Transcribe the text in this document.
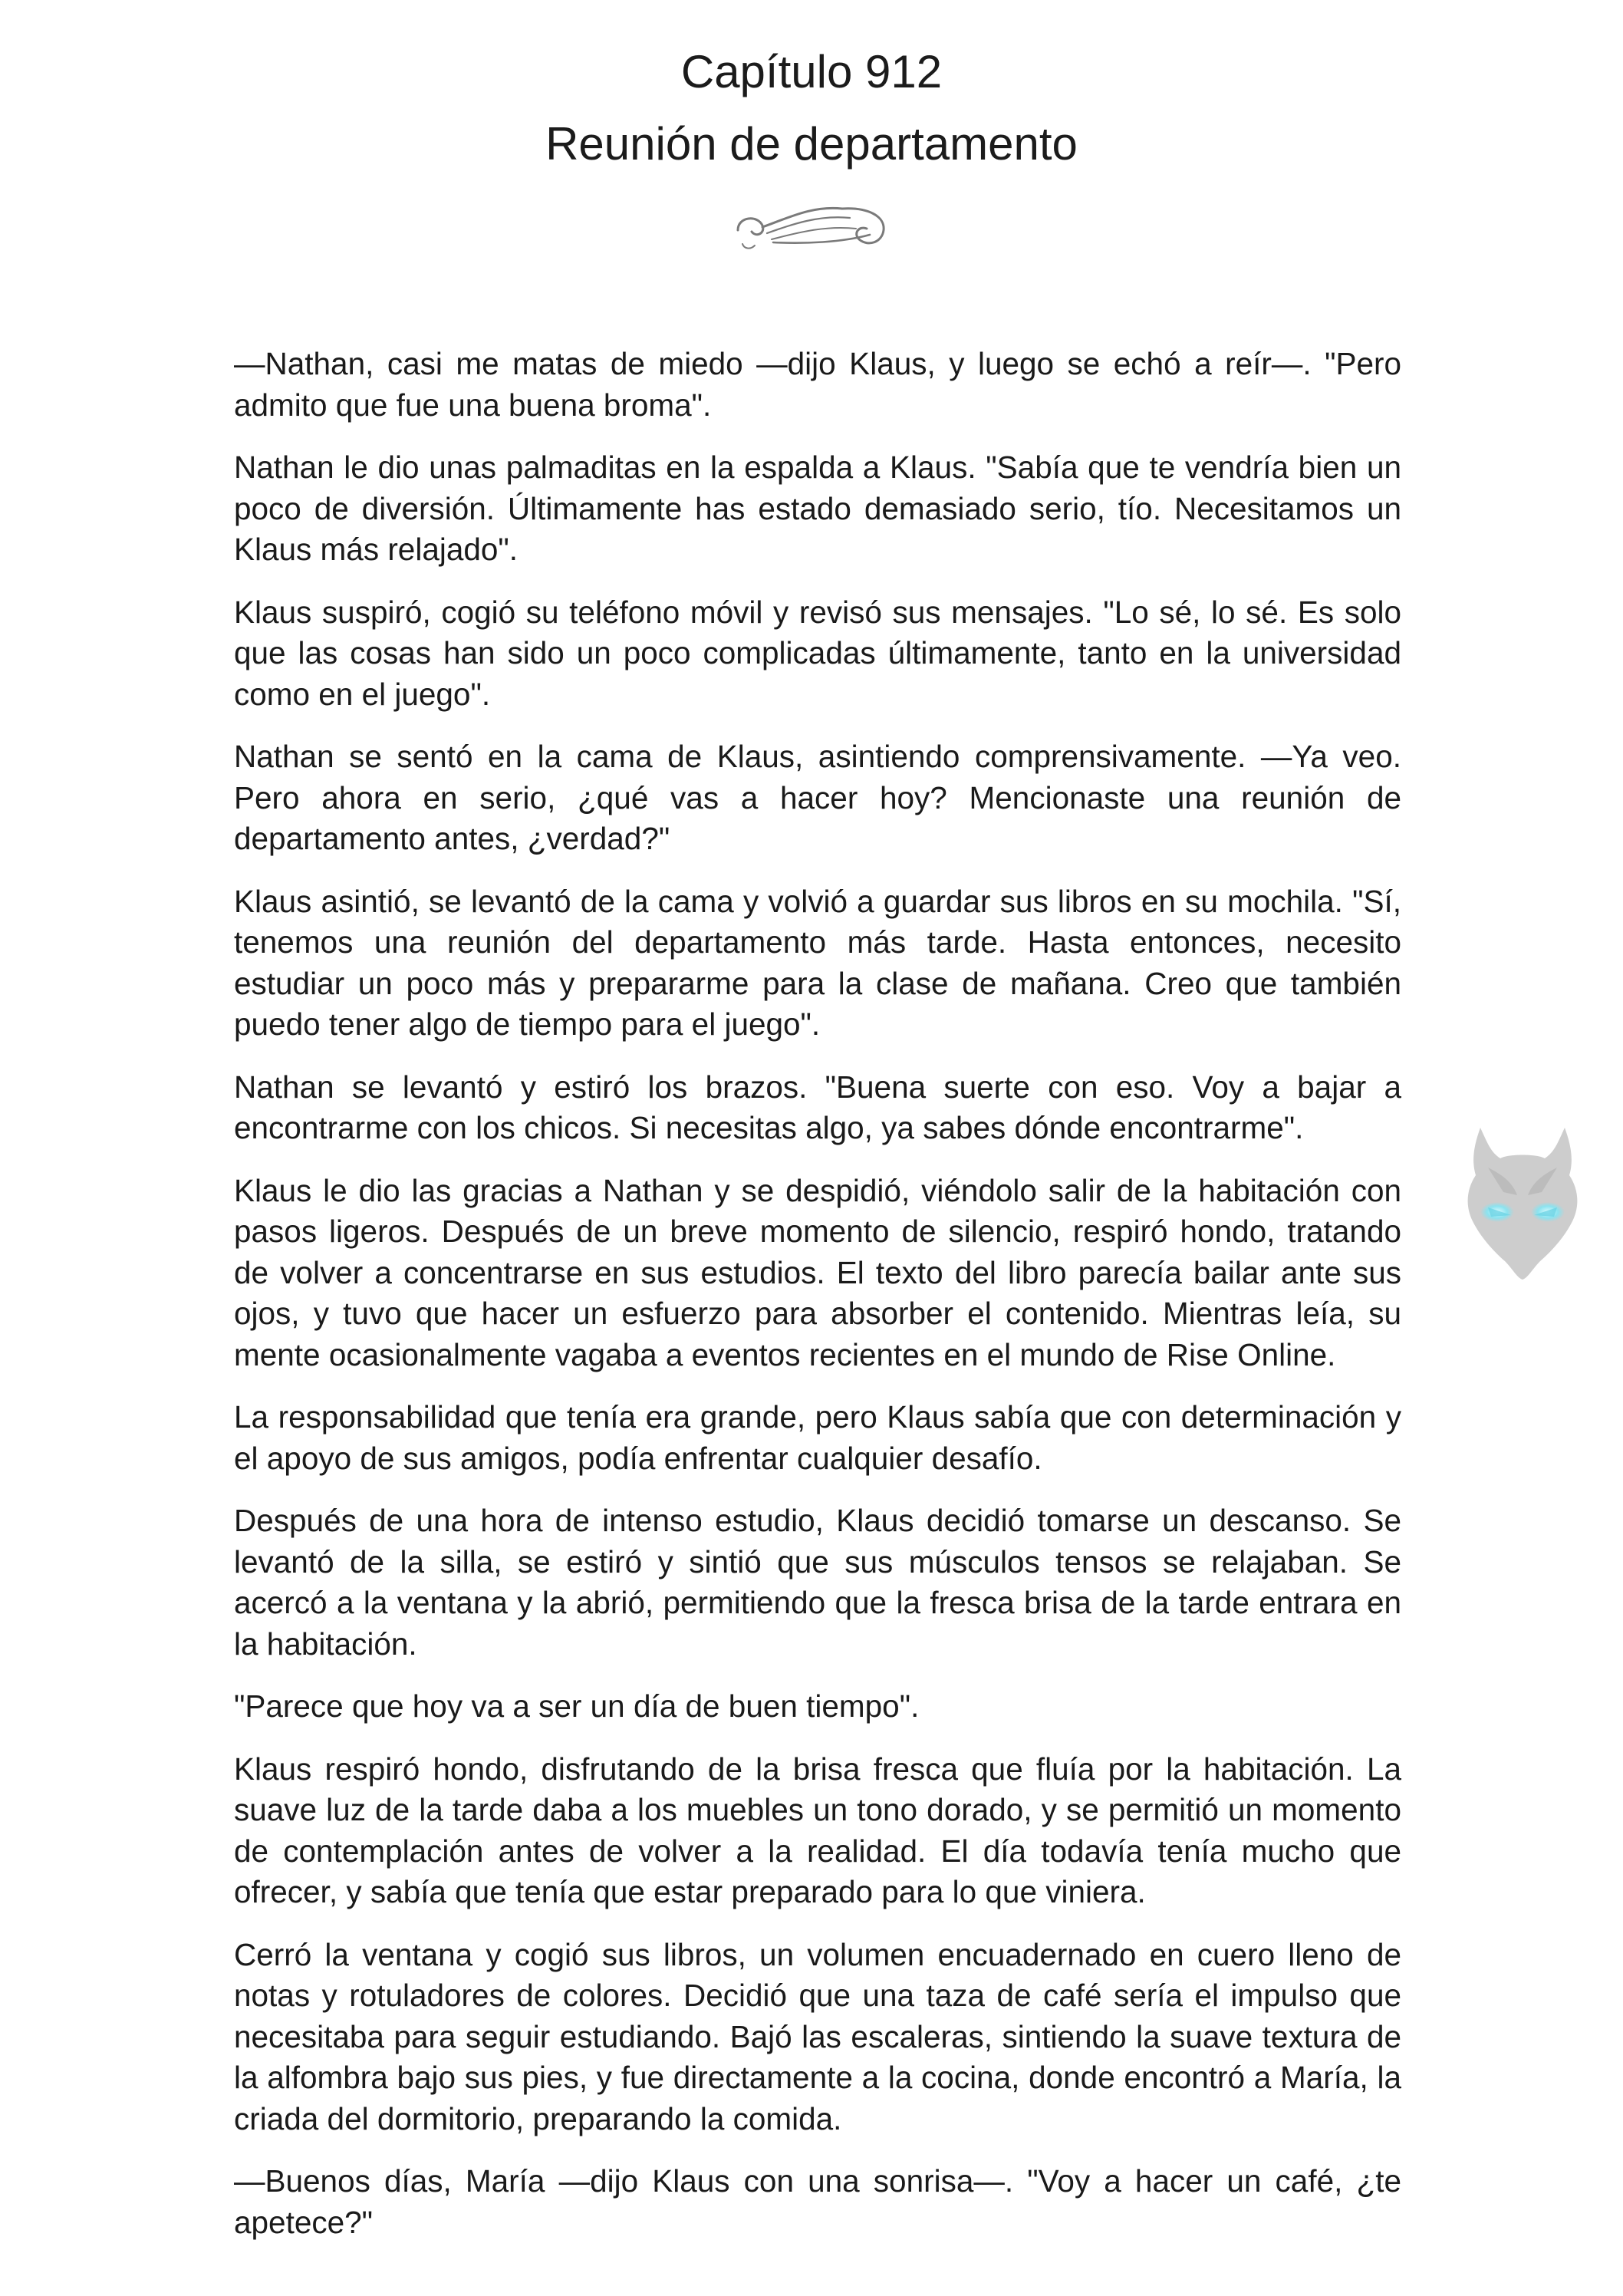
Capítulo 912
Reunión de departamento

—Nathan, casi me matas de miedo —dijo Klaus, y luego se echó a reír—. "Pero admito que fue una buena broma".

Nathan le dio unas palmaditas en la espalda a Klaus. "Sabía que te vendría bien un poco de diversión. Últimamente has estado demasiado serio, tío. Necesitamos un Klaus más relajado".

Klaus suspiró, cogió su teléfono móvil y revisó sus mensajes. "Lo sé, lo sé. Es solo que las cosas han sido un poco complicadas últimamente, tanto en la universidad como en el juego".

Nathan se sentó en la cama de Klaus, asintiendo comprensivamente. —Ya veo. Pero ahora en serio, ¿qué vas a hacer hoy? Mencionaste una reunión de departamento antes, ¿verdad?"

Klaus asintió, se levantó de la cama y volvió a guardar sus libros en su mochila. "Sí, tenemos una reunión del departamento más tarde. Hasta entonces, necesito estudiar un poco más y prepararme para la clase de mañana. Creo que también puedo tener algo de tiempo para el juego".

Nathan se levantó y estiró los brazos. "Buena suerte con eso. Voy a bajar a encontrarme con los chicos. Si necesitas algo, ya sabes dónde encontrarme".

Klaus le dio las gracias a Nathan y se despidió, viéndolo salir de la habitación con pasos ligeros. Después de un breve momento de silencio, respiró hondo, tratando de volver a concentrarse en sus estudios. El texto del libro parecía bailar ante sus ojos, y tuvo que hacer un esfuerzo para absorber el contenido. Mientras leía, su mente ocasionalmente vagaba a eventos recientes en el mundo de Rise Online.

La responsabilidad que tenía era grande, pero Klaus sabía que con determinación y el apoyo de sus amigos, podía enfrentar cualquier desafío.

Después de una hora de intenso estudio, Klaus decidió tomarse un descanso. Se levantó de la silla, se estiró y sintió que sus músculos tensos se relajaban. Se acercó a la ventana y la abrió, permitiendo que la fresca brisa de la tarde entrara en la habitación.

"Parece que hoy va a ser un día de buen tiempo".

Klaus respiró hondo, disfrutando de la brisa fresca que fluía por la habitación. La suave luz de la tarde daba a los muebles un tono dorado, y se permitió un momento de contemplación antes de volver a la realidad. El día todavía tenía mucho que ofrecer, y sabía que tenía que estar preparado para lo que viniera.

Cerró la ventana y cogió sus libros, un volumen encuadernado en cuero lleno de notas y rotuladores de colores. Decidió que una taza de café sería el impulso que necesitaba para seguir estudiando. Bajó las escaleras, sintiendo la suave textura de la alfombra bajo sus pies, y fue directamente a la cocina, donde encontró a María, la criada del dormitorio, preparando la comida.

—Buenos días, María —dijo Klaus con una sonrisa—. "Voy a hacer un café, ¿te apetece?"
